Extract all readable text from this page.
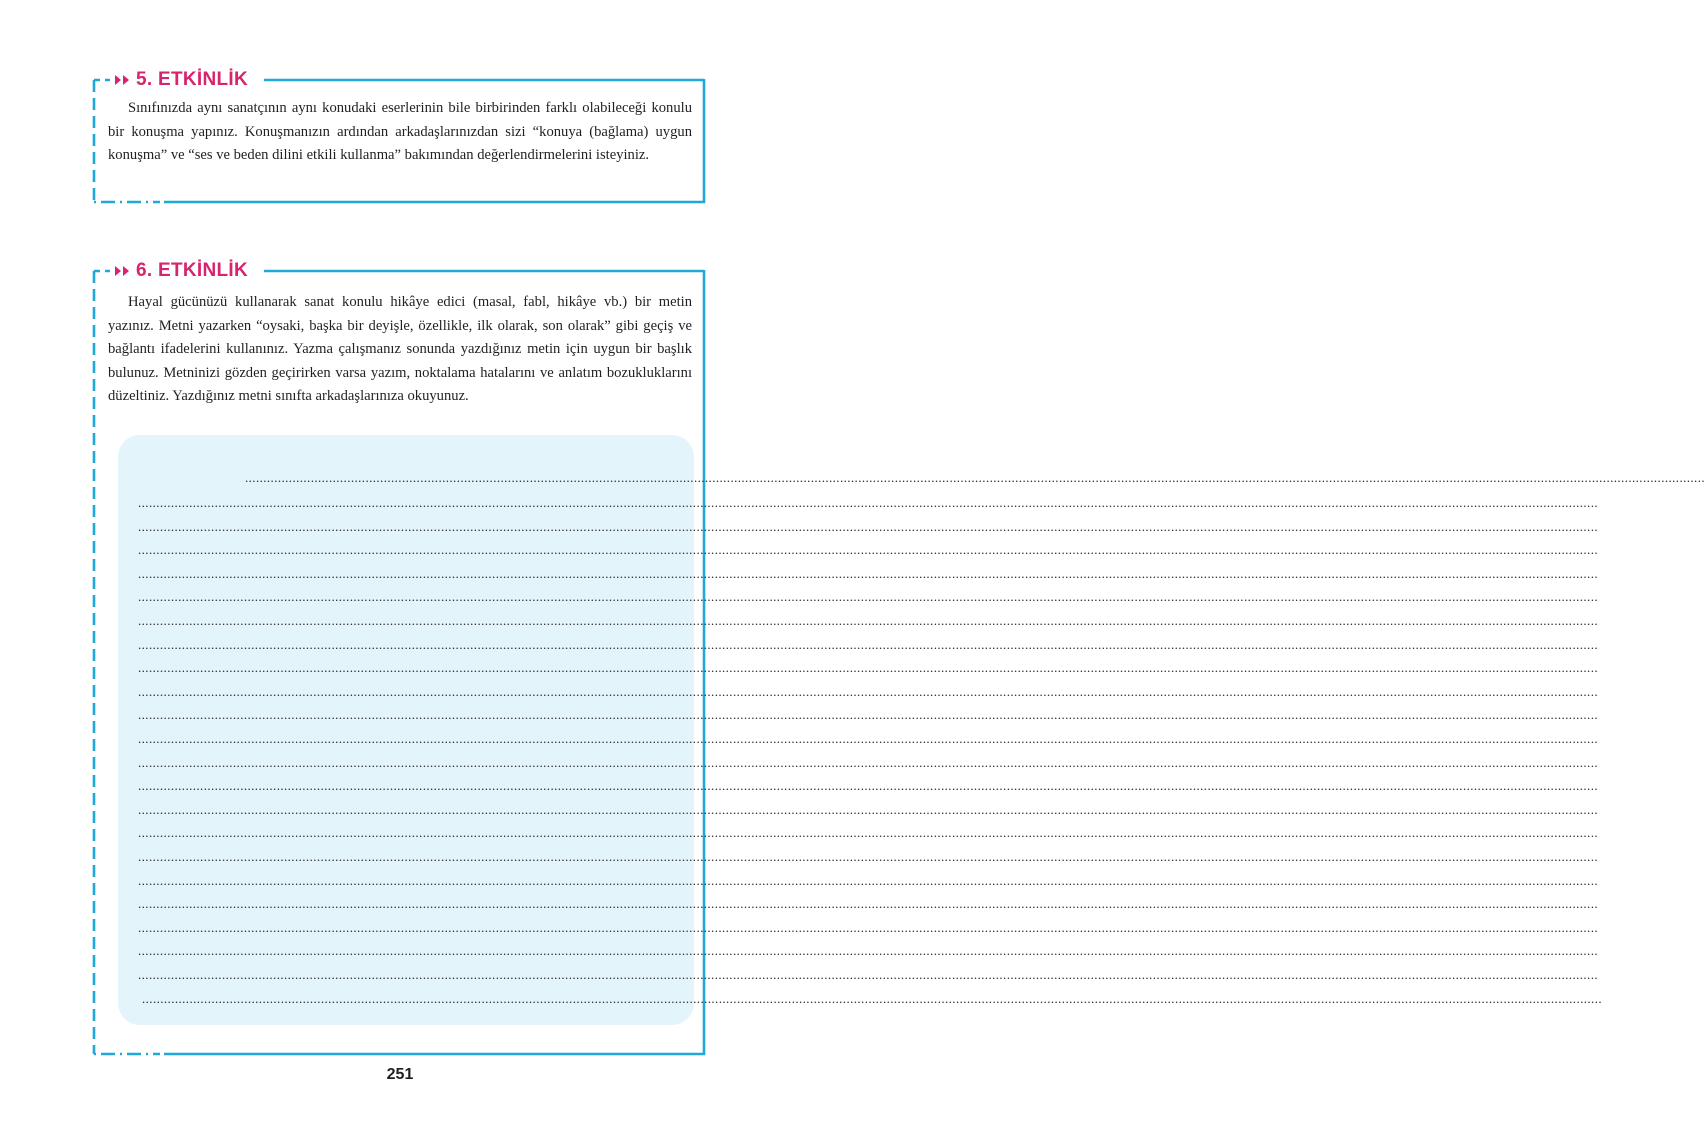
5. ETKİNLİK

Sınıfınızda aynı sanatçının aynı konudaki eserlerinin bile birbirinden farklı olabileceği konulu bir konuşma yapınız. Konuşmanızın ardından arkadaşlarınızdan sizi “konuya (bağlama) uygun konuşma” ve “ses ve beden dilini etkili kullanma” bakımından değerlendirmelerini isteyiniz.

6. ETKİNLİK

Hayal gücünüzü kullanarak sanat konulu hikâye edici (masal, fabl, hikâye vb.) bir metin yazınız. Metni yazarken “oysaki, başka bir deyişle, özellikle, ilk olarak, son olarak” gibi geçiş ve bağlantı ifadelerini kullanınız. Yazma çalışmanız sonunda yazdığınız metin için uygun bir başlık bulunuz. Metninizi gözden geçirirken varsa yazım, noktalama hatalarını ve anlatım bozukluklarını düzeltiniz. Yazdığınız metni sınıfta arkadaşlarınıza okuyunuz.

................................................................................................................................................................................................................................................................................................................................................................................................................
................................................................................................................................................................................................................................................................................................................................................................................................................
................................................................................................................................................................................................................................................................................................................................................................................................................
................................................................................................................................................................................................................................................................................................................................................................................................................
................................................................................................................................................................................................................................................................................................................................................................................................................
................................................................................................................................................................................................................................................................................................................................................................................................................
................................................................................................................................................................................................................................................................................................................................................................................................................
................................................................................................................................................................................................................................................................................................................................................................................................................
................................................................................................................................................................................................................................................................................................................................................................................................................
................................................................................................................................................................................................................................................................................................................................................................................................................
................................................................................................................................................................................................................................................................................................................................................................................................................
................................................................................................................................................................................................................................................................................................................................................................................................................
................................................................................................................................................................................................................................................................................................................................................................................................................
................................................................................................................................................................................................................................................................................................................................................................................................................
................................................................................................................................................................................................................................................................................................................................................................................................................
................................................................................................................................................................................................................................................................................................................................................................................................................
................................................................................................................................................................................................................................................................................................................................................................................................................
................................................................................................................................................................................................................................................................................................................................................................................................................
................................................................................................................................................................................................................................................................................................................................................................................................................
................................................................................................................................................................................................................................................................................................................................................................................................................
................................................................................................................................................................................................................................................................................................................................................................................................................
................................................................................................................................................................................................................................................................................................................................................................................................................
................................................................................................................................................................................................................................................................................................................................................................................................................
251
